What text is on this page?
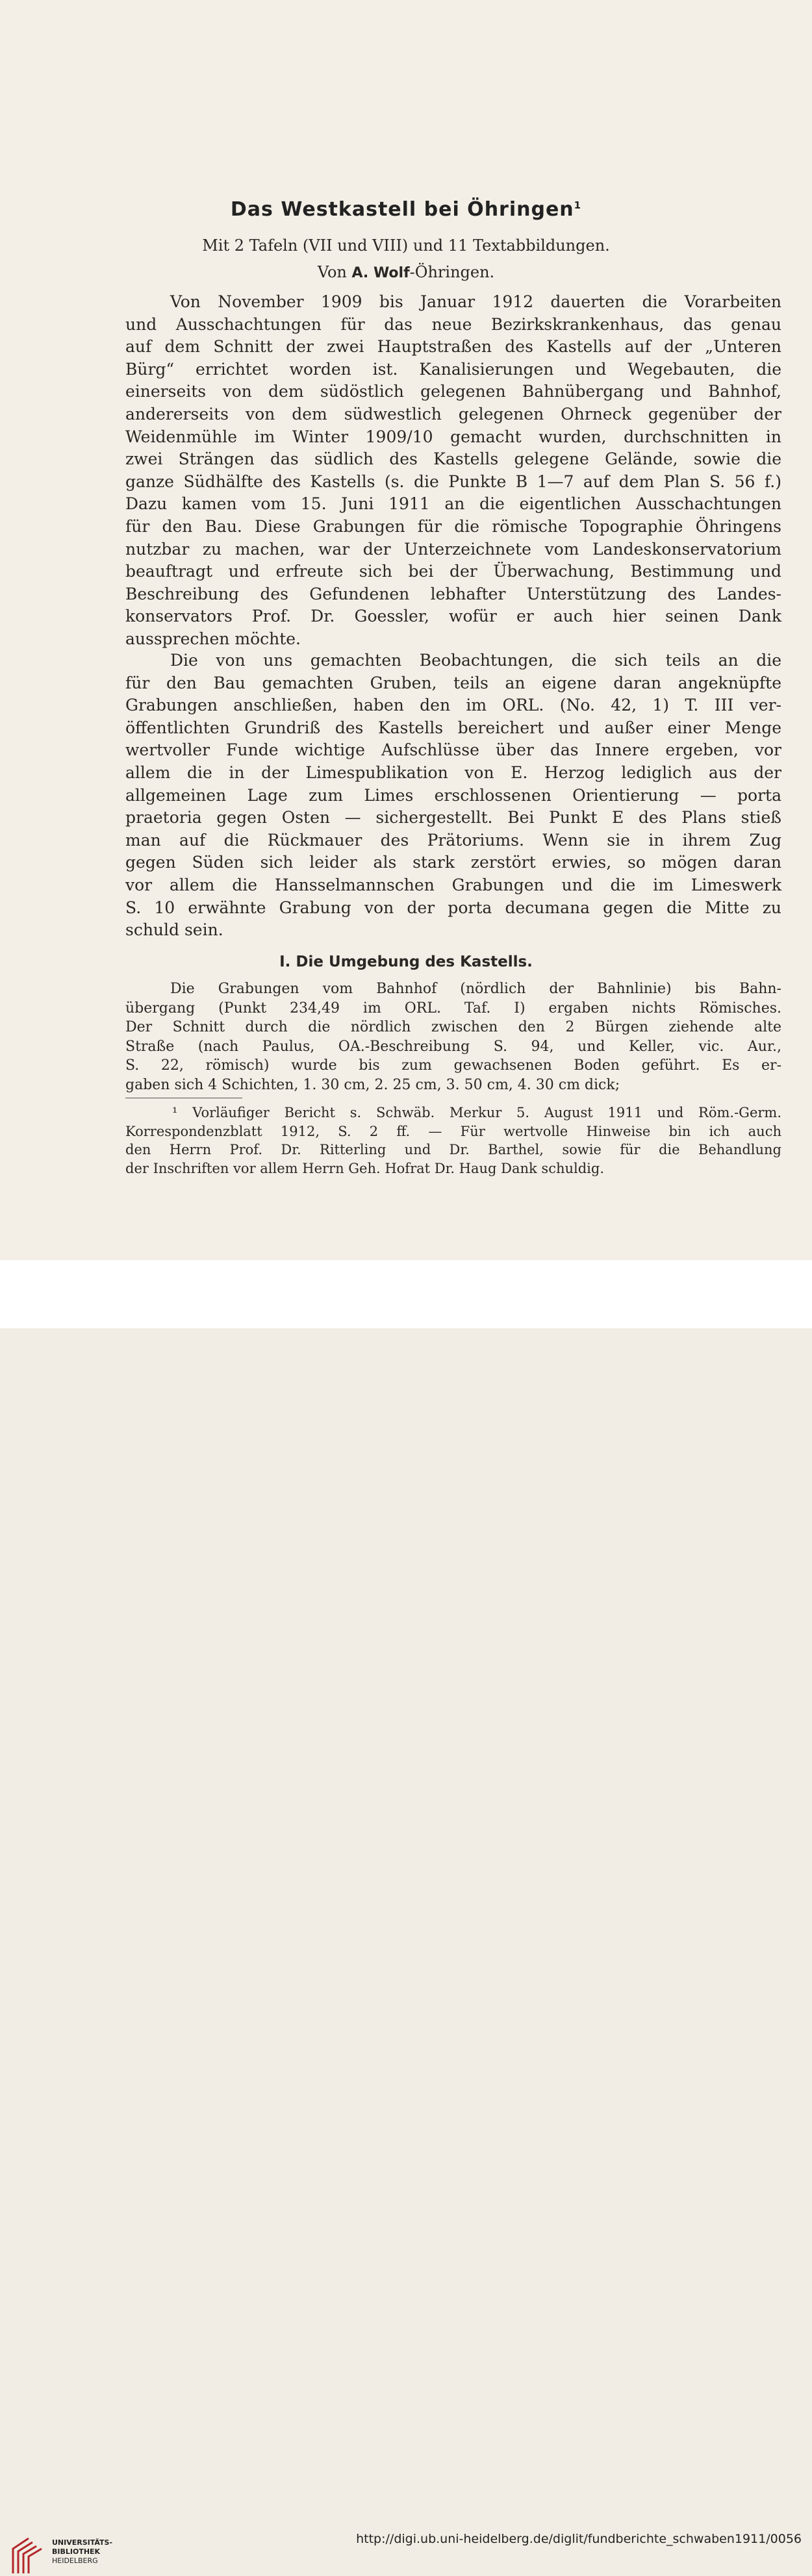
Das Westkastell bei Öhringen$^1$
Mit 2 Tafeln (VII und VIII) und 11 Textabbildungen.
Von A. Wolf-Öhringen.
Von November 1909 bis Januar 1912 dauerten die Vorarbeiten
und Ausschachtungen für das neue Bezirkskrankenhaus, das genau
auf dem Schnitt der zwei Hauptstraßen des Kastells auf der „Unteren
Bürg“ errichtet worden ist. Kanalisierungen und Wegebauten, die
einerseits von dem südöstlich gelegenen Bahnübergang und Bahnhof,
andererseits von dem südwestlich gelegenen Ohrneck gegenüber der
Weidenmühle im Winter 1909/10 gemacht wurden, durchschnitten in
zwei Strängen das südlich des Kastells gelegene Gelände, sowie die
ganze Südhälfte des Kastells (s. die Punkte B 1—7 auf dem Plan S. 56 f.)
Dazu kamen vom 15. Juni 1911 an die eigentlichen Ausschachtungen
für den Bau. Diese Grabungen für die römische Topographie Öhringens
nutzbar zu machen, war der Unterzeichnete vom Landeskonservatorium
beauftragt und erfreute sich bei der Überwachung, Bestimmung und
Beschreibung des Gefundenen lebhafter Unterstützung des Landes-
konservators Prof. Dr. Goessler, wofür er auch hier seinen Dank
aussprechen möchte.
Die von uns gemachten Beobachtungen, die sich teils an die
für den Bau gemachten Gruben, teils an eigene daran angeknüpfte
Grabungen anschließen, haben den im ORL. (No. 42, 1) T. III ver-
öffentlichten Grundriß des Kastells bereichert und außer einer Menge
wertvoller Funde wichtige Aufschlüsse über das Innere ergeben, vor
allem die in der Limespublikation von E. Herzog lediglich aus der
allgemeinen Lage zum Limes erschlossenen Orientierung — porta
praetoria gegen Osten — sichergestellt. Bei Punkt E des Plans stieß
man auf die Rückmauer des Prätoriums. Wenn sie in ihrem Zug
gegen Süden sich leider als stark zerstört erwies, so mögen daran
vor allem die Hansselmannschen Grabungen und die im Limeswerk
S. 10 erwähnte Grabung von der porta decumana gegen die Mitte zu
schuld sein.
I. Die Umgebung des Kastells.
Die Grabungen vom Bahnhof (nördlich der Bahnlinie) bis Bahn-
übergang (Punkt 234,49 im ORL. Taf. I) ergaben nichts Römisches.
Der Schnitt durch die nördlich zwischen den 2 Bürgen ziehende alte
Straße (nach Paulus, OA.-Beschreibung S. 94, und Keller, vic. Aur.,
S. 22, römisch) wurde bis zum gewachsenen Boden geführt. Es er-
gaben sich 4 Schichten, 1. 30 cm, 2. 25 cm, 3. 50 cm, 4. 30 cm dick;
¹ Vorläufiger Bericht s. Schwäb. Merkur 5. August 1911 und Röm.-Germ.
Korrespondenzblatt 1912, S. 2 ff. — Für wertvolle Hinweise bin ich auch
den Herrn Prof. Dr. Ritterling und Dr. Barthel, sowie für die Behandlung
der Inschriften vor allem Herrn Geh. Hofrat Dr. Haug Dank schuldig.
UNIVERSITÄTS-
BIBLIOTHEK
HEIDELBERG
http://digi.ub.uni-heidelberg.de/diglit/fundberichte_schwaben1911/0056
